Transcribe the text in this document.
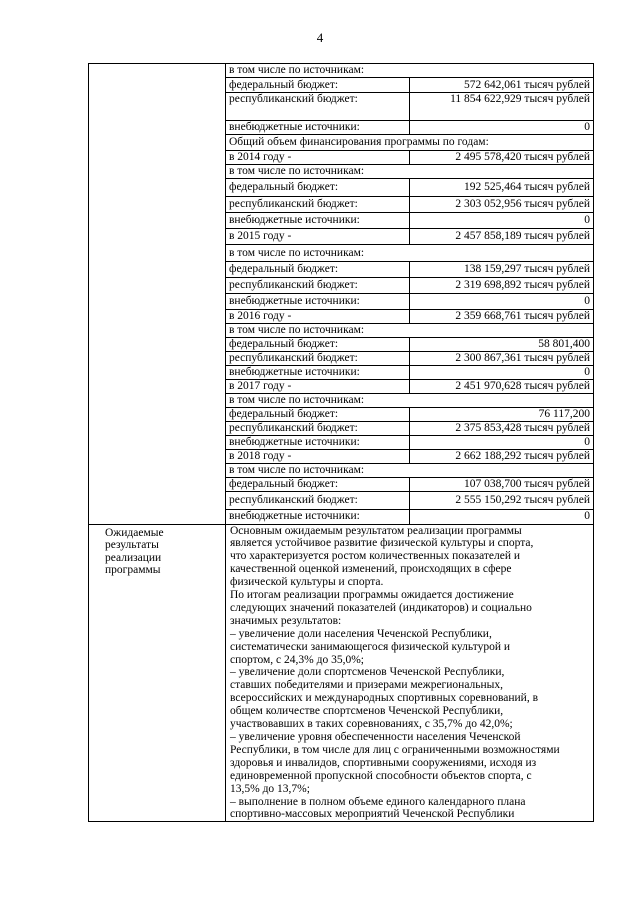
4

в том числе по источникам:
федеральный бюджет:	572 642,061 тысяч рублей
республиканский бюджет:	11 854 622,929 тысяч рублей
внебюджетные источники:	0
Общий объем финансирования программы по годам:
в 2014 году -	2 495 578,420 тысяч рублей
в том числе по источникам:
федеральный бюджет:	192 525,464 тысяч рублей
республиканский бюджет:	2 303 052,956 тысяч рублей
внебюджетные источники:	0
в 2015 году -	2 457 858,189 тысяч рублей
в том числе по источникам:
федеральный бюджет:	138 159,297 тысяч рублей
республиканский бюджет:	2 319 698,892 тысяч рублей
внебюджетные источники:	0
в 2016 году -	2 359 668,761 тысяч рублей
в том числе по источникам:
федеральный бюджет:	58 801,400
республиканский бюджет:	2 300 867,361 тысяч рублей
внебюджетные источники:	0
в 2017 году -	2 451 970,628 тысяч рублей
в том числе по источникам:
федеральный бюджет:	76 117,200
республиканский бюджет:	2 375 853,428 тысяч рублей
внебюджетные источники:	0
в 2018 году -	2 662 188,292 тысяч рублей
в том числе по источникам:
федеральный бюджет:	107 038,700 тысяч рублей
республиканский бюджет:	2 555 150,292 тысяч рублей
внебюджетные источники:	0

Ожидаемые
результаты
реализации
программы

Основным ожидаемым результатом реализации программы

является устойчивое развитие физической культуры и спорта,

что характеризуется ростом количественных показателей и

качественной оценкой изменений, происходящих в сфере

физической культуры и спорта.

По итогам реализации программы ожидается достижение

следующих значений показателей (индикаторов) и социально

значимых результатов:

– увеличение доли населения Чеченской Республики,

систематически занимающегося физической культурой и

спортом, с 24,3% до 35,0%;

– увеличение доли спортсменов Чеченской Республики,

ставших победителями и призерами межрегиональных,

всероссийских и международных спортивных соревнований, в

общем количестве спортсменов Чеченской Республики,

участвовавших в таких соревнованиях, с 35,7% до 42,0%;

– увеличение уровня обеспеченности населения Чеченской

Республики, в том числе для лиц с ограниченными возможностями

здоровья и инвалидов, спортивными сооружениями, исходя из

единовременной пропускной способности объектов спорта, с

13,5% до 13,7%;

– выполнение в полном объеме единого календарного плана

спортивно-массовых мероприятий Чеченской Республики
